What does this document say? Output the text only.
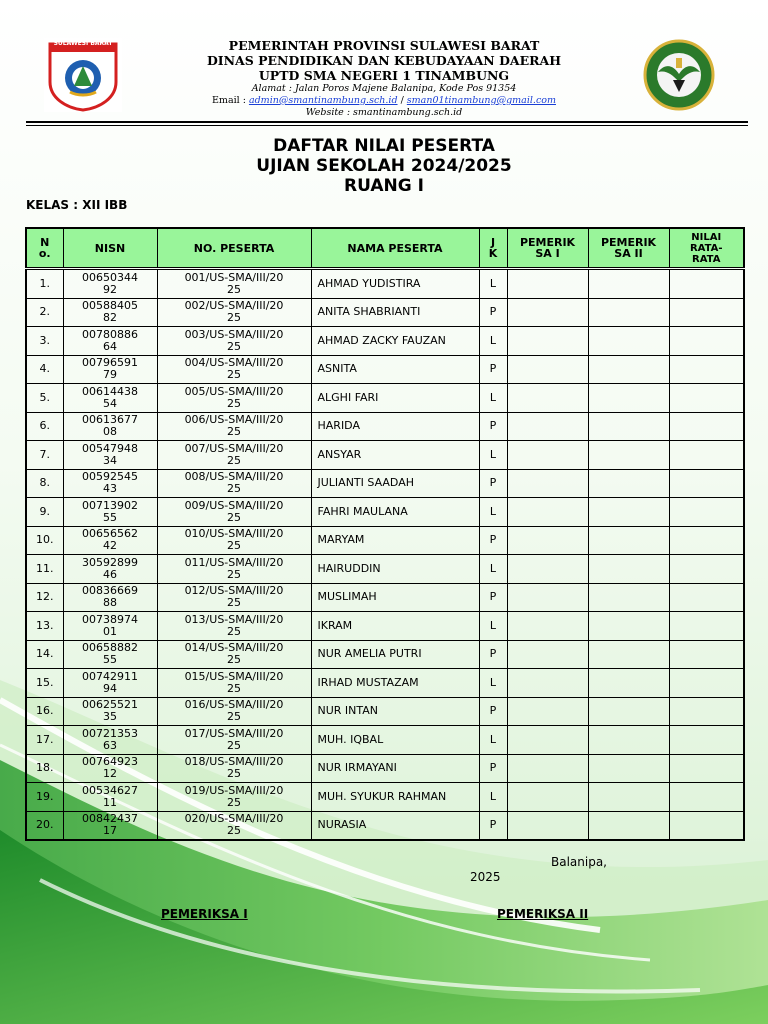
SULAWESI BARAT	PEMERINTAH PROVINSI SULAWESI BARAT
DINAS PENDIDIKAN DAN KEBUDAYAAN DAERAH
UPTD SMA NEGERI 1 TINAMBUNG
Alamat : Jalan Poros Majene Balanipa, Kode Pos 91354
Email : admin@smantinambung.sch.id / sman01tinambung@gmail.com
Website : smantinambung.sch.id
DAFTAR NILAI PESERTA
UJIAN SEKOLAH 2024/2025
RUANG I
KELAS : XII IBB
No.	NISN	NO. PESERTA	NAMA PESERTA	JK	PEMERIKSA I	PEMERIKSA II	NILAI RATA-RATA

1.	0065034492	001/US-SMA/III/2025	AHMAD YUDISTIRA	L			
2.	0058840582	002/US-SMA/III/2025	ANITA SHABRIANTI	P			
3.	0078088664	003/US-SMA/III/2025	AHMAD ZACKY FAUZAN	L			
4.	0079659179	004/US-SMA/III/2025	ASNITA	P			
5.	0061443854	005/US-SMA/III/2025	ALGHI FARI	L			
6.	0061367708	006/US-SMA/III/2025	HARIDA	P			
7.	0054794834	007/US-SMA/III/2025	ANSYAR	L			
8.	0059254543	008/US-SMA/III/2025	JULIANTI SAADAH	P			
9.	0071390255	009/US-SMA/III/2025	FAHRI MAULANA	L			
10.	0065656242	010/US-SMA/III/2025	MARYAM	P			
11.	3059289946	011/US-SMA/III/2025	HAIRUDDIN	L			
12.	0083666988	012/US-SMA/III/2025	MUSLIMAH	P			
13.	0073897401	013/US-SMA/III/2025	IKRAM	L			
14.	0065888255	014/US-SMA/III/2025	NUR AMELIA PUTRI	P			
15.	0074291194	015/US-SMA/III/2025	IRHAD MUSTAZAM	L			
16.	0062552135	016/US-SMA/III/2025	NUR INTAN	P			
17.	0072135363	017/US-SMA/III/2025	MUH. IQBAL	L			
18.	0076492312	018/US-SMA/III/2025	NUR IRMAYANI	P			
19.	0053462711	019/US-SMA/III/2025	MUH. SYUKUR RAHMAN	L			
20.	0084243717	020/US-SMA/III/2025	NURASIA	P			
Balanipa,
2025
PEMERIKSA I	PEMERIKSA II
